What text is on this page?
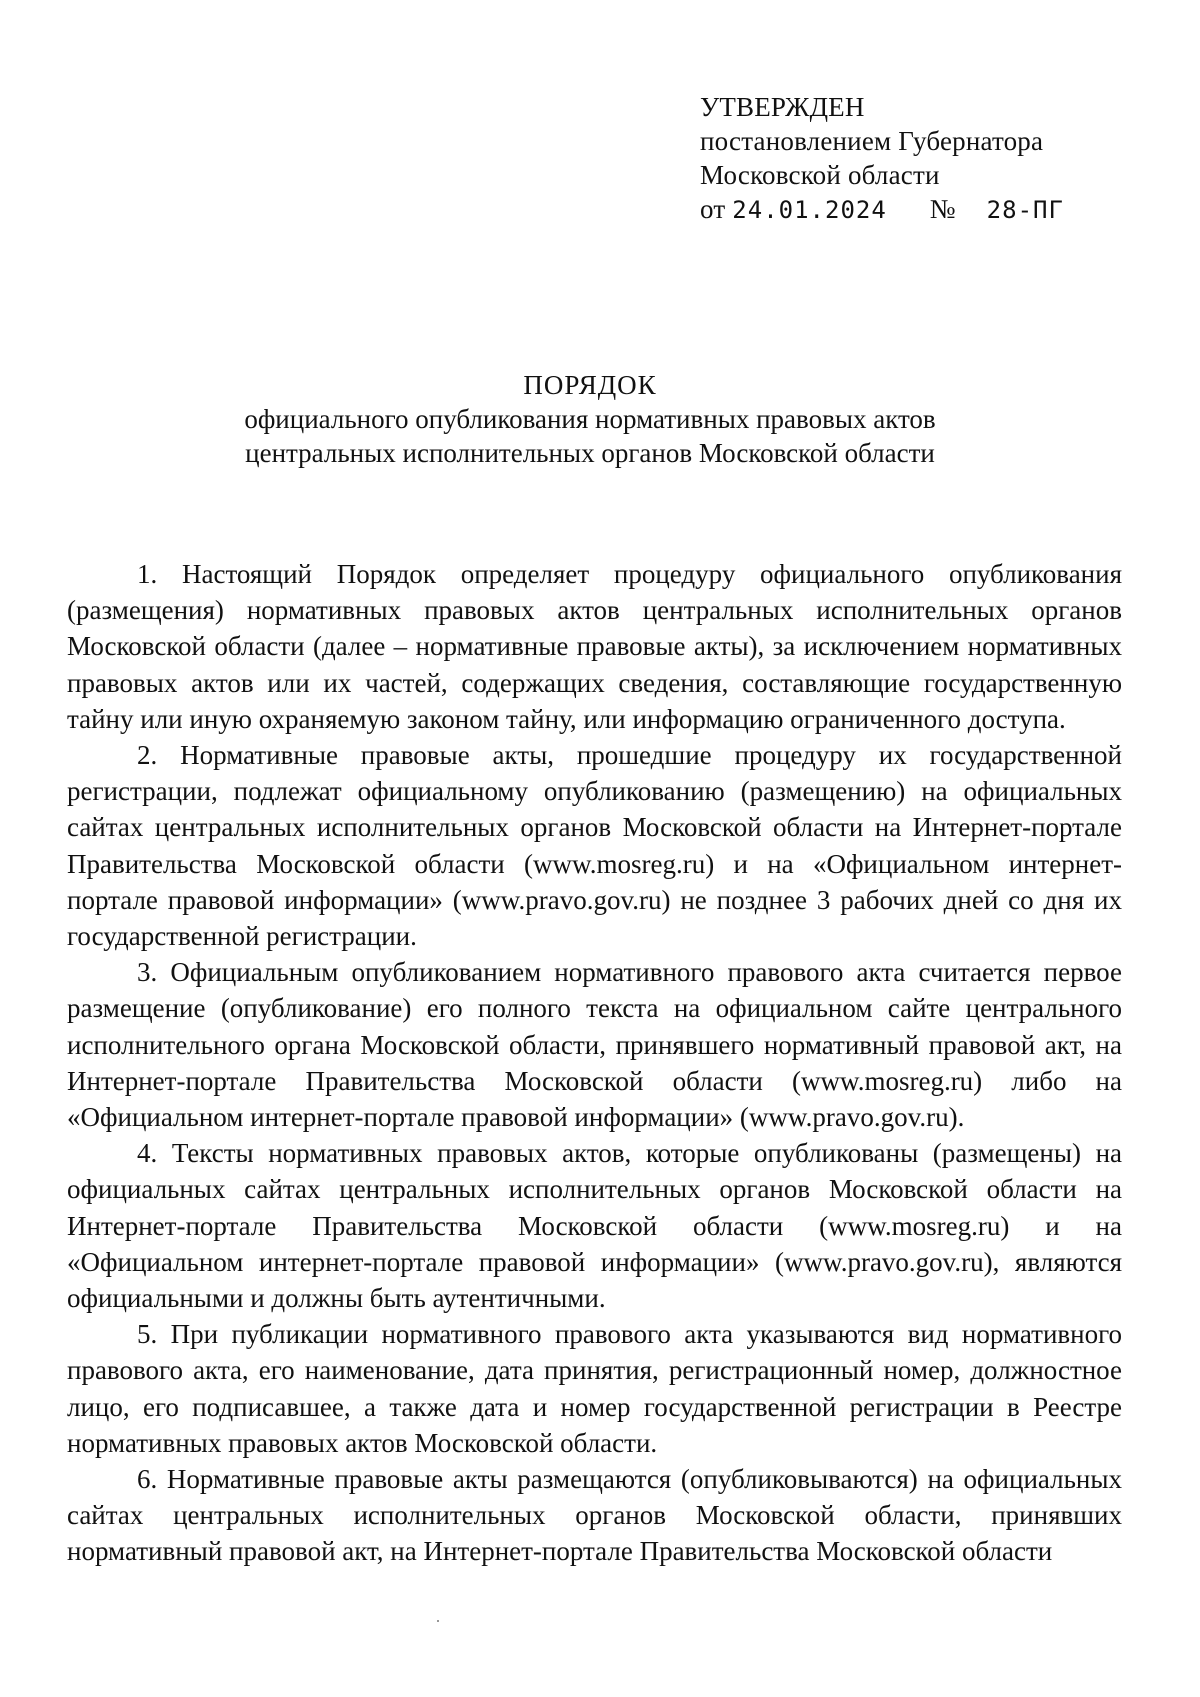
УТВЕРЖДЕН
постановлением Губернатора
Московской области
от 24.01.2024 № 28-ПГ
ПОРЯДОК
официального опубликования нормативных правовых актов
центральных исполнительных органов Московской области

1. Настоящий Порядок определяет процедуру официального опубликования (размещения) нормативных правовых актов центральных исполнительных органов Московской области (далее – нормативные правовые акты), за исключением нормативных правовых актов или их частей, содержащих сведения, составляющие государственную тайну или иную охраняемую законом тайну, или информацию ограниченного доступа.

2. Нормативные правовые акты, прошедшие процедуру их государственной регистрации, подлежат официальному опубликованию (размещению) на официальных сайтах центральных исполнительных органов Московской области на Интернет-портале Правительства Московской области (www.mosreg.ru) и на «Официальном интернет-портале правовой информации» (www.pravo.gov.ru) не позднее 3 рабочих дней со дня их государственной регистрации.

3. Официальным опубликованием нормативного правового акта считается первое размещение (опубликование) его полного текста на официальном сайте центрального исполнительного органа Московской области, принявшего нормативный правовой акт, на Интернет-портале Правительства Московской области (www.mosreg.ru) либо на «Официальном интернет-портале правовой информации» (www.pravo.gov.ru).

4. Тексты нормативных правовых актов, которые опубликованы (размещены) на официальных сайтах центральных исполнительных органов Московской области на Интернет-портале Правительства Московской области (www.mosreg.ru) и на «Официальном интернет-портале правовой информации» (www.pravo.gov.ru), являются официальными и должны быть аутентичными.

5. При публикации нормативного правового акта указываются вид нормативного правового акта, его наименование, дата принятия, регистрационный номер, должностное лицо, его подписавшее, а также дата и номер государственной регистрации в Реестре нормативных правовых актов Московской области.

6. Нормативные правовые акты размещаются (опубликовываются) на официальных сайтах центральных исполнительных органов Московской области, принявших нормативный правовой акт, на Интернет-портале Правительства Московской области
